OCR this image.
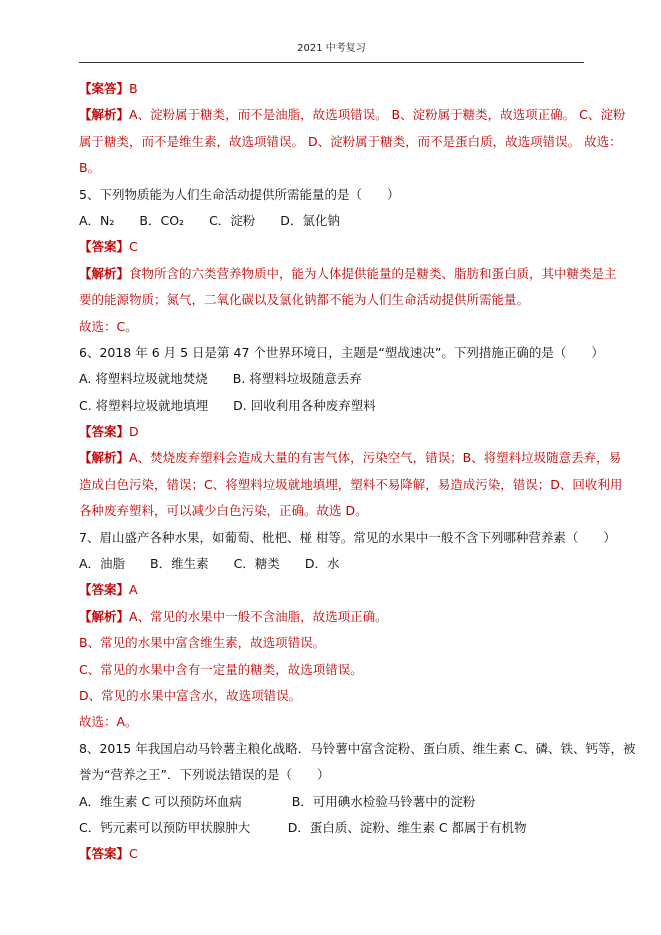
2021 中考复习
【案答】B
【解析】A、淀粉属于糖类，而不是油脂，故选项错误。 B、淀粉属于糖类，故选项正确。 C、淀粉
属于糖类，而不是维生素，故选项错误。 D、淀粉属于糖类，而不是蛋白质，故选项错误。 故选：
B。
5、下列物质能为人们生命活动提供所需能量的是（　　）
A．N₂　　B．CO₂　　C．淀粉　　D．氯化钠
【答案】C
【解析】食物所含的六类营养物质中，能为人体提供能量的是糖类、脂肪和蛋白质，其中糖类是主
要的能源物质；氮气，二氧化碳以及氯化钠都不能为人们生命活动提供所需能量。
故选：C。
6、2018 年 6 月 5 日是第 47 个世界环境日，主题是“塑战速决”。下列措施正确的是（　　）
A. 将塑料垃圾就地焚烧　　B. 将塑料垃圾随意丢弃
C. 将塑料垃圾就地填埋　　D. 回收利用各种废弃塑料
【答案】D
【解析】A、焚烧废弃塑料会造成大量的有害气体，污染空气，错误；B、将塑料垃圾随意丢弃，易
造成白色污染，错误；C、将塑料垃圾就地填埋，塑料不易降解，易造成污染，错误；D、回收利用
各种废弃塑料，可以减少白色污染，正确。故选 D。
7、眉山盛产各种水果，如葡萄、枇杷、椪 柑等。常见的水果中一般不含下列哪种营养素（　　）
A．油脂　　B．维生素　　C．糖类　　D．水
【答案】A
【解析】A、常见的水果中一般不含油脂，故选项正确。
B、常见的水果中富含维生素，故选项错误。
C、常见的水果中含有一定量的糖类，故选项错误。
D、常见的水果中富含水，故选项错误。
故选：A。
8、2015 年我国启动马铃薯主粮化战略．马铃薯中富含淀粉、蛋白质、维生素 C、磷、铁、钙等，被
誉为“营养之王”．下列说法错误的是（　　）
A．维生素 C 可以预防坏血病　　　　B．可用碘水检验马铃薯中的淀粉
C．钙元素可以预防甲状腺肿大　　　D．蛋白质、淀粉、维生素 C 都属于有机物
【答案】C
